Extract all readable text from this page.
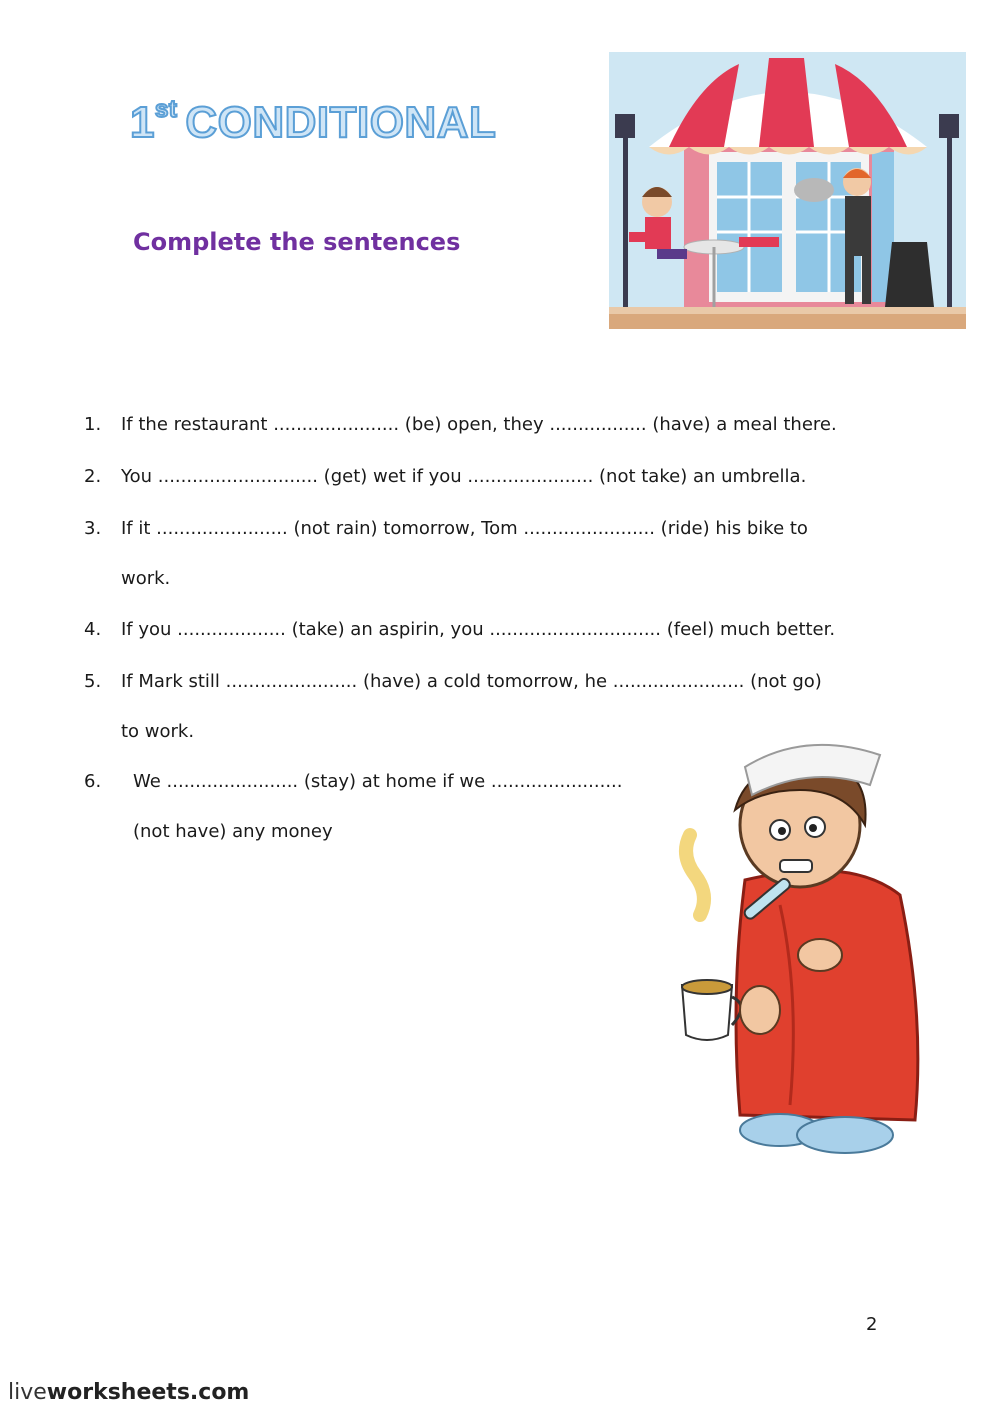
1st CONDITIONAL
Complete the sentences
1. If the restaurant ...................... (be) open, they ................. (have) a meal there.
2. You ............................ (get) wet if you ...................... (not take) an umbrella.
3. If it ....................... (not rain) tomorrow, Tom ....................... (ride) his bike to
work.
4. If you ................... (take) an aspirin, you .............................. (feel) much better.
5. If Mark still ....................... (have) a cold tomorrow, he ....................... (not go)
to work.
6. We ....................... (stay) at home if we .......................
(not have) any money
2
liveworksheets.com
